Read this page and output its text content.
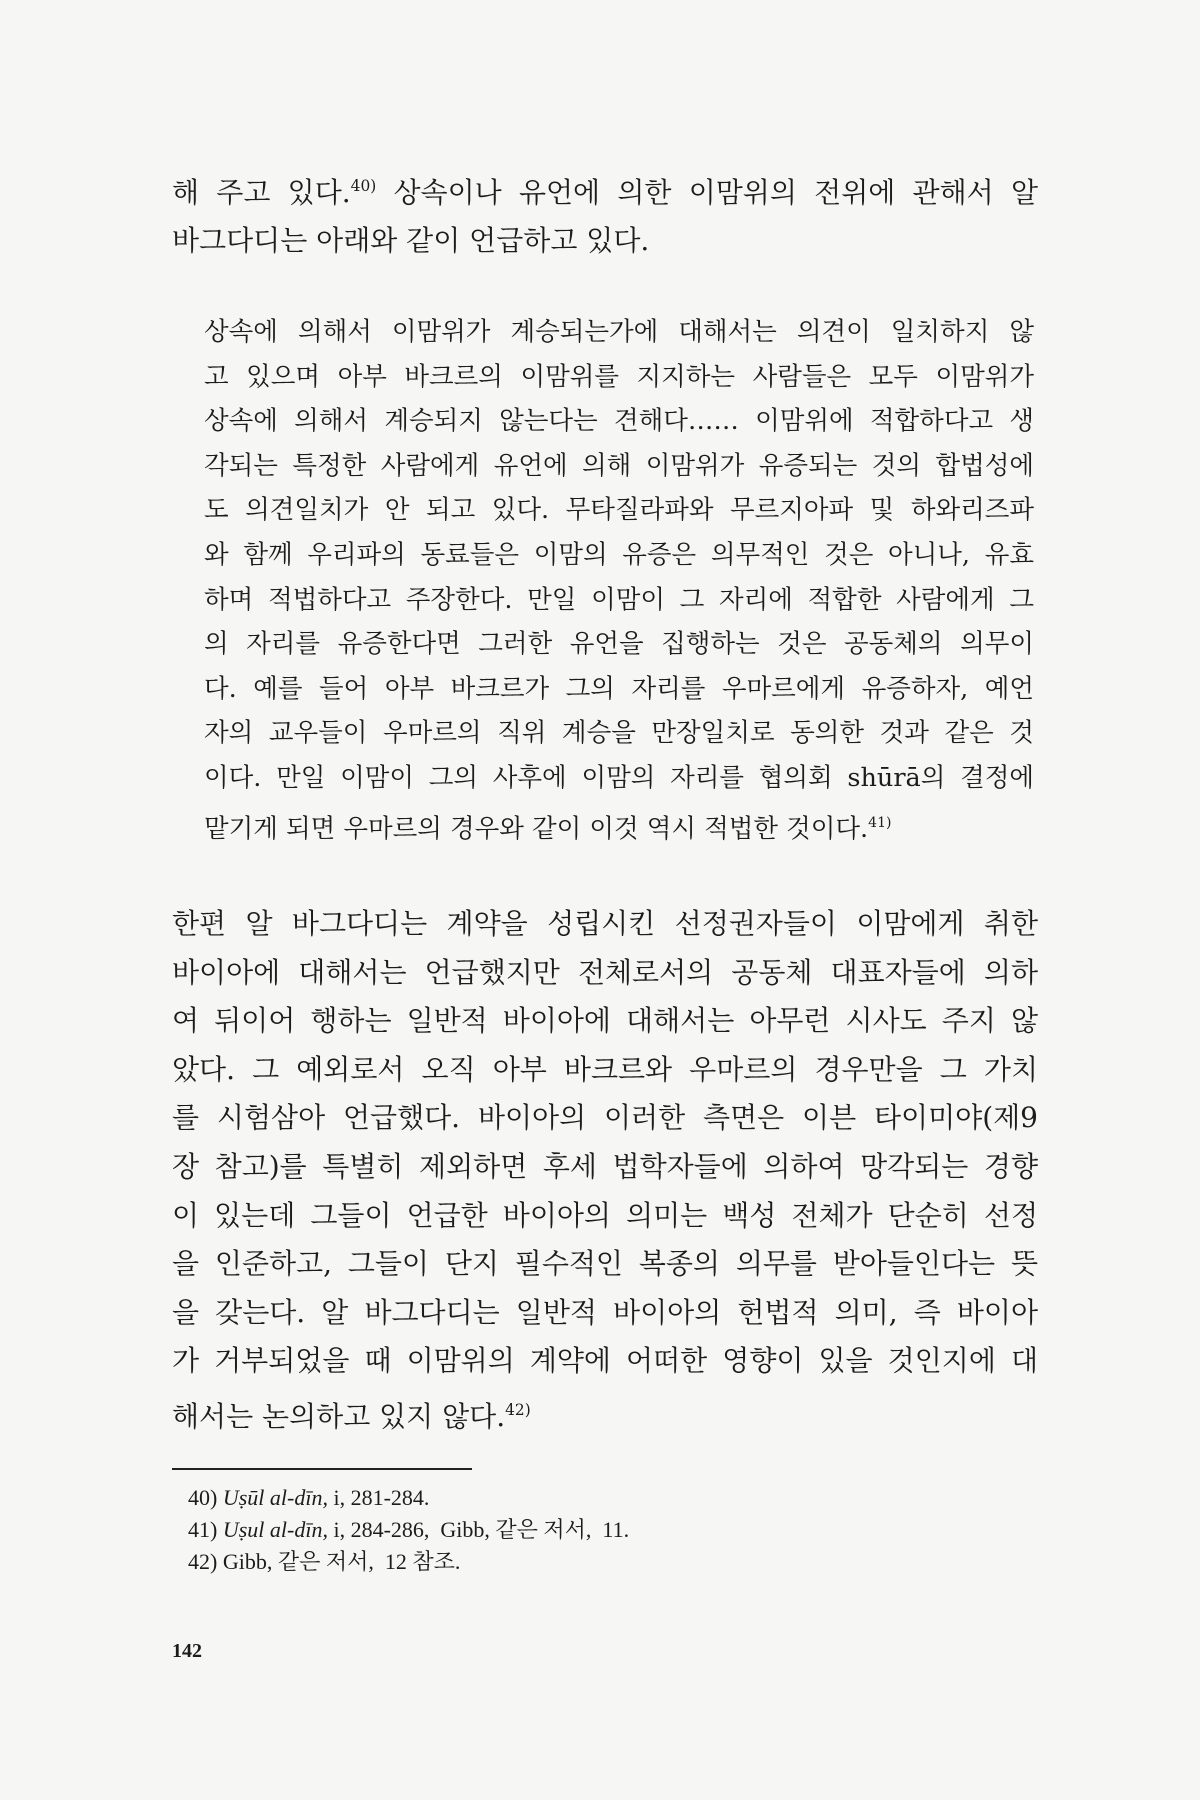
해 주고 있다.$^{40)}$ 상속이나 유언에 의한 이맘위의 전위에 관해서 알
바그다디는 아래와 같이 언급하고 있다.

상속에 의해서 이맘위가 계승되는가에 대해서는 의견이 일치하지 않
고 있으며 아부 바크르의 이맘위를 지지하는 사람들은 모두 이맘위가
상속에 의해서 계승되지 않는다는 견해다…… 이맘위에 적합하다고 생
각되는 특정한 사람에게 유언에 의해 이맘위가 유증되는 것의 합법성에
도 의견일치가 안 되고 있다. 무타질라파와 무르지아파 및 하와리즈파
와 함께 우리파의 동료들은 이맘의 유증은 의무적인 것은 아니나, 유효
하며 적법하다고 주장한다. 만일 이맘이 그 자리에 적합한 사람에게 그
의 자리를 유증한다면 그러한 유언을 집행하는 것은 공동체의 의무이
다. 예를 들어 아부 바크르가 그의 자리를 우마르에게 유증하자, 예언
자의 교우들이 우마르의 직위 계승을 만장일치로 동의한 것과 같은 것
이다. 만일 이맘이 그의 사후에 이맘의 자리를 협의회 shūrā의 결정에
맡기게 되면 우마르의 경우와 같이 이것 역시 적법한 것이다.$^{41)}$

한편 알 바그다디는 계약을 성립시킨 선정권자들이 이맘에게 취한
바이아에 대해서는 언급했지만 전체로서의 공동체 대표자들에 의하
여 뒤이어 행하는 일반적 바이아에 대해서는 아무런 시사도 주지 않
았다. 그 예외로서 오직 아부 바크르와 우마르의 경우만을 그 가치
를 시험삼아 언급했다. 바이아의 이러한 측면은 이븐 타이미야(제9
장 참고)를 특별히 제외하면 후세 법학자들에 의하여 망각되는 경향
이 있는데 그들이 언급한 바이아의 의미는 백성 전체가 단순히 선정
을 인준하고, 그들이 단지 필수적인 복종의 의무를 받아들인다는 뜻
을 갖는다. 알 바그다디는 일반적 바이아의 헌법적 의미, 즉 바이아
가 거부되었을 때 이맘위의 계약에 어떠한 영향이 있을 것인지에 대
해서는 논의하고 있지 않다.$^{42)}$

40) Uṣūl al-dīn, i, 281-284.
41) Uṣul al-dīn, i, 284-286,  Gibb, 같은 저서,  11.
42) Gibb, 같은 저서,  12 참조.
142
